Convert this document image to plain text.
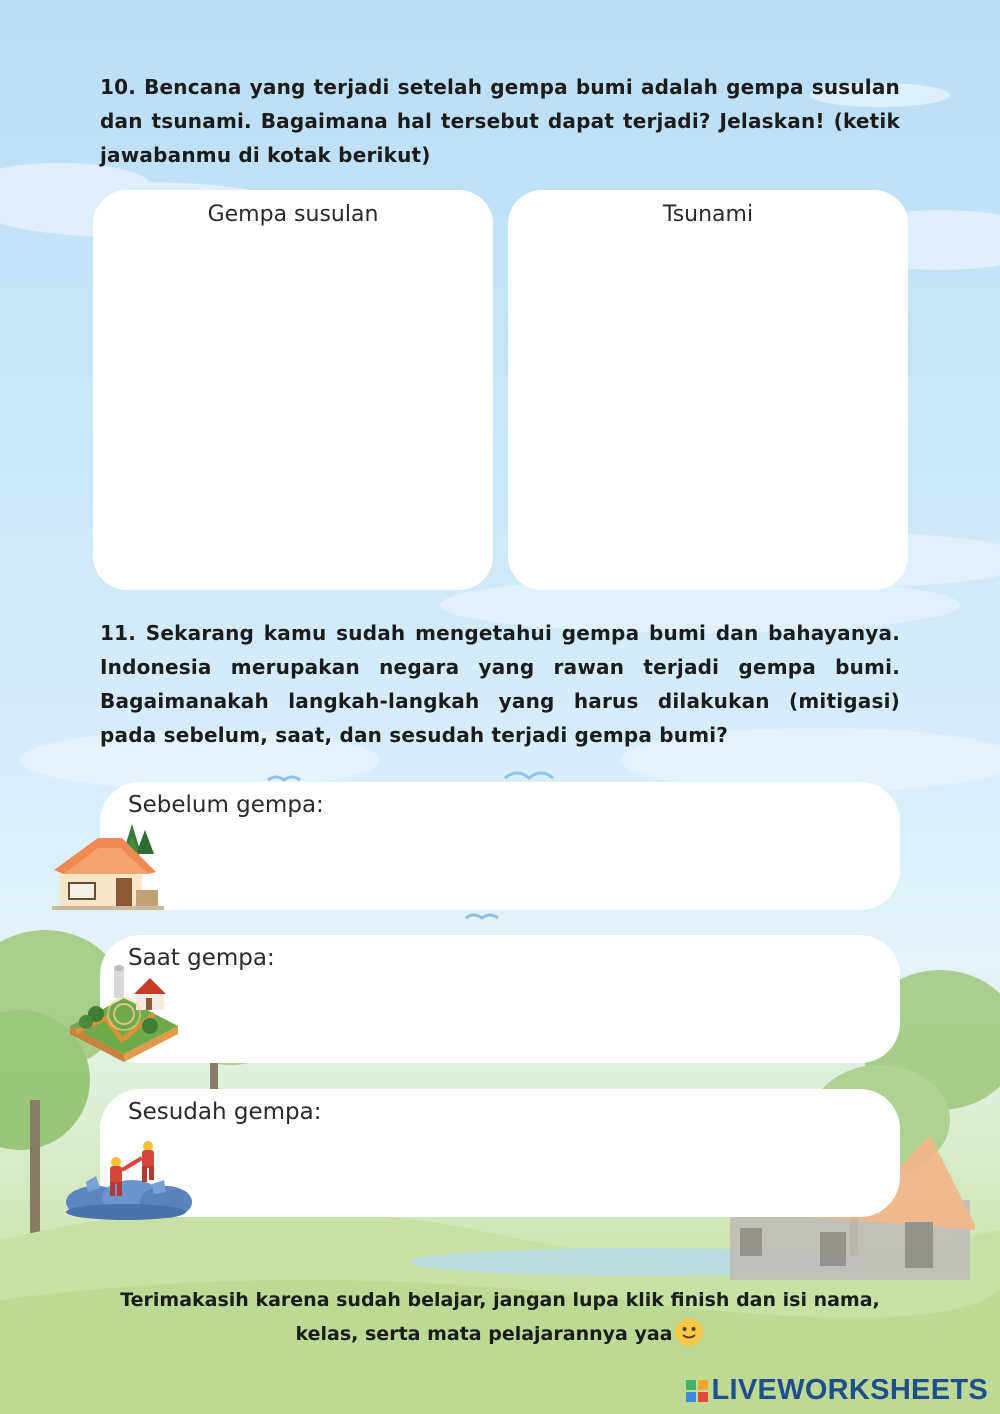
10. Bencana yang terjadi setelah gempa bumi adalah gempa susulan dan tsunami. Bagaimana hal tersebut dapat terjadi? Jelaskan! (ketik jawabanmu di kotak berikut)

Gempa susulan	Tsunami

11. Sekarang kamu sudah mengetahui gempa bumi dan bahayanya. Indonesia merupakan negara yang rawan terjadi gempa bumi. Bagaimanakah langkah-langkah yang harus dilakukan (mitigasi) pada sebelum, saat, dan sesudah terjadi gempa bumi?

Sebelum gempa:
Saat gempa:
Sesudah gempa:

Terimakasih karena sudah belajar, jangan lupa klik finish dan isi nama,
kelas, serta mata pelajarannya yaa

LIVEWORKSHEETS
